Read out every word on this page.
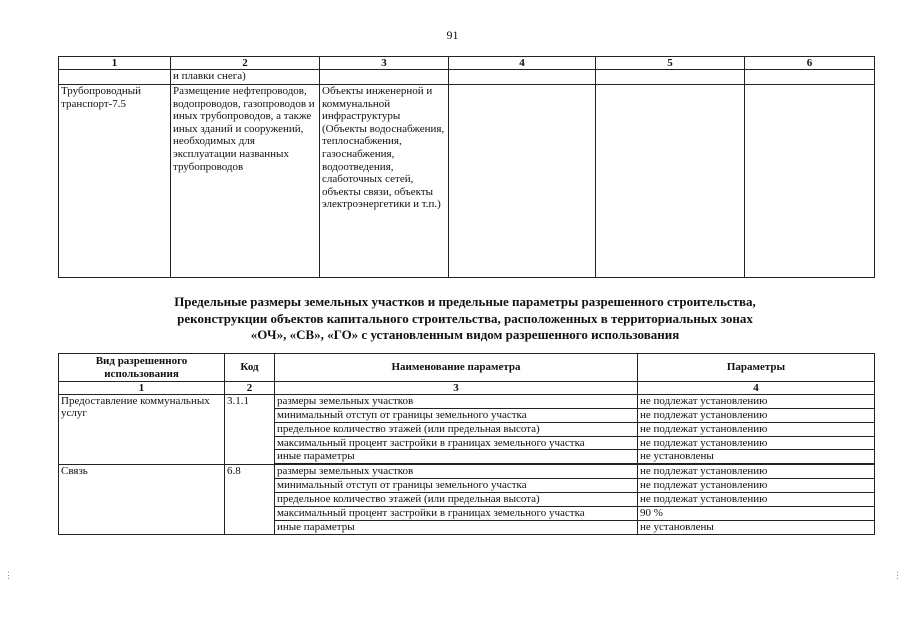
91
1	2	3	4	5	6
	и плавки снега)				
Трубопроводный транспорт-7.5	Размещение нефтепроводов, водопроводов, газопроводов и иных трубопроводов, а также иных зданий и сооружений, необходимых для эксплуатации названных трубопроводов	Объекты инженерной и коммунальной инфраструктуры (Объекты водоснабжения, теплоснабжения, газоснабжения, водоотведения, слаботочных сетей, объекты связи, объекты электроэнергетики и т.п.)			
Предельные размеры земельных участков и предельные параметры разрешенного строительства,
реконструкции объектов капитального строительства, расположенных в территориальных зонах
«ОЧ», «СВ», «ГО» с установленным видом разрешенного использования
Вид разрешенного использования	Код	Наименование параметра	Параметры
1	2	3	4
Предоставление коммунальных услуг	3.1.1	размеры земельных участков	не подлежат установлению
		минимальный отступ от границы земельного участка	не подлежат установлению
		предельное количество этажей (или предельная высота)	не подлежат установлению
		максимальный процент застройки в границах земельного участка	не подлежат установлению
		иные параметры	не установлены

Связь	6.8	размеры земельных участков	не подлежат установлению
		минимальный отступ от границы земельного участка	не подлежат установлению
		предельное количество этажей (или предельная высота)	не подлежат установлению
		максимальный процент застройки в границах земельного участка	90 %
		иные параметры	не установлены
⋮	⋮
